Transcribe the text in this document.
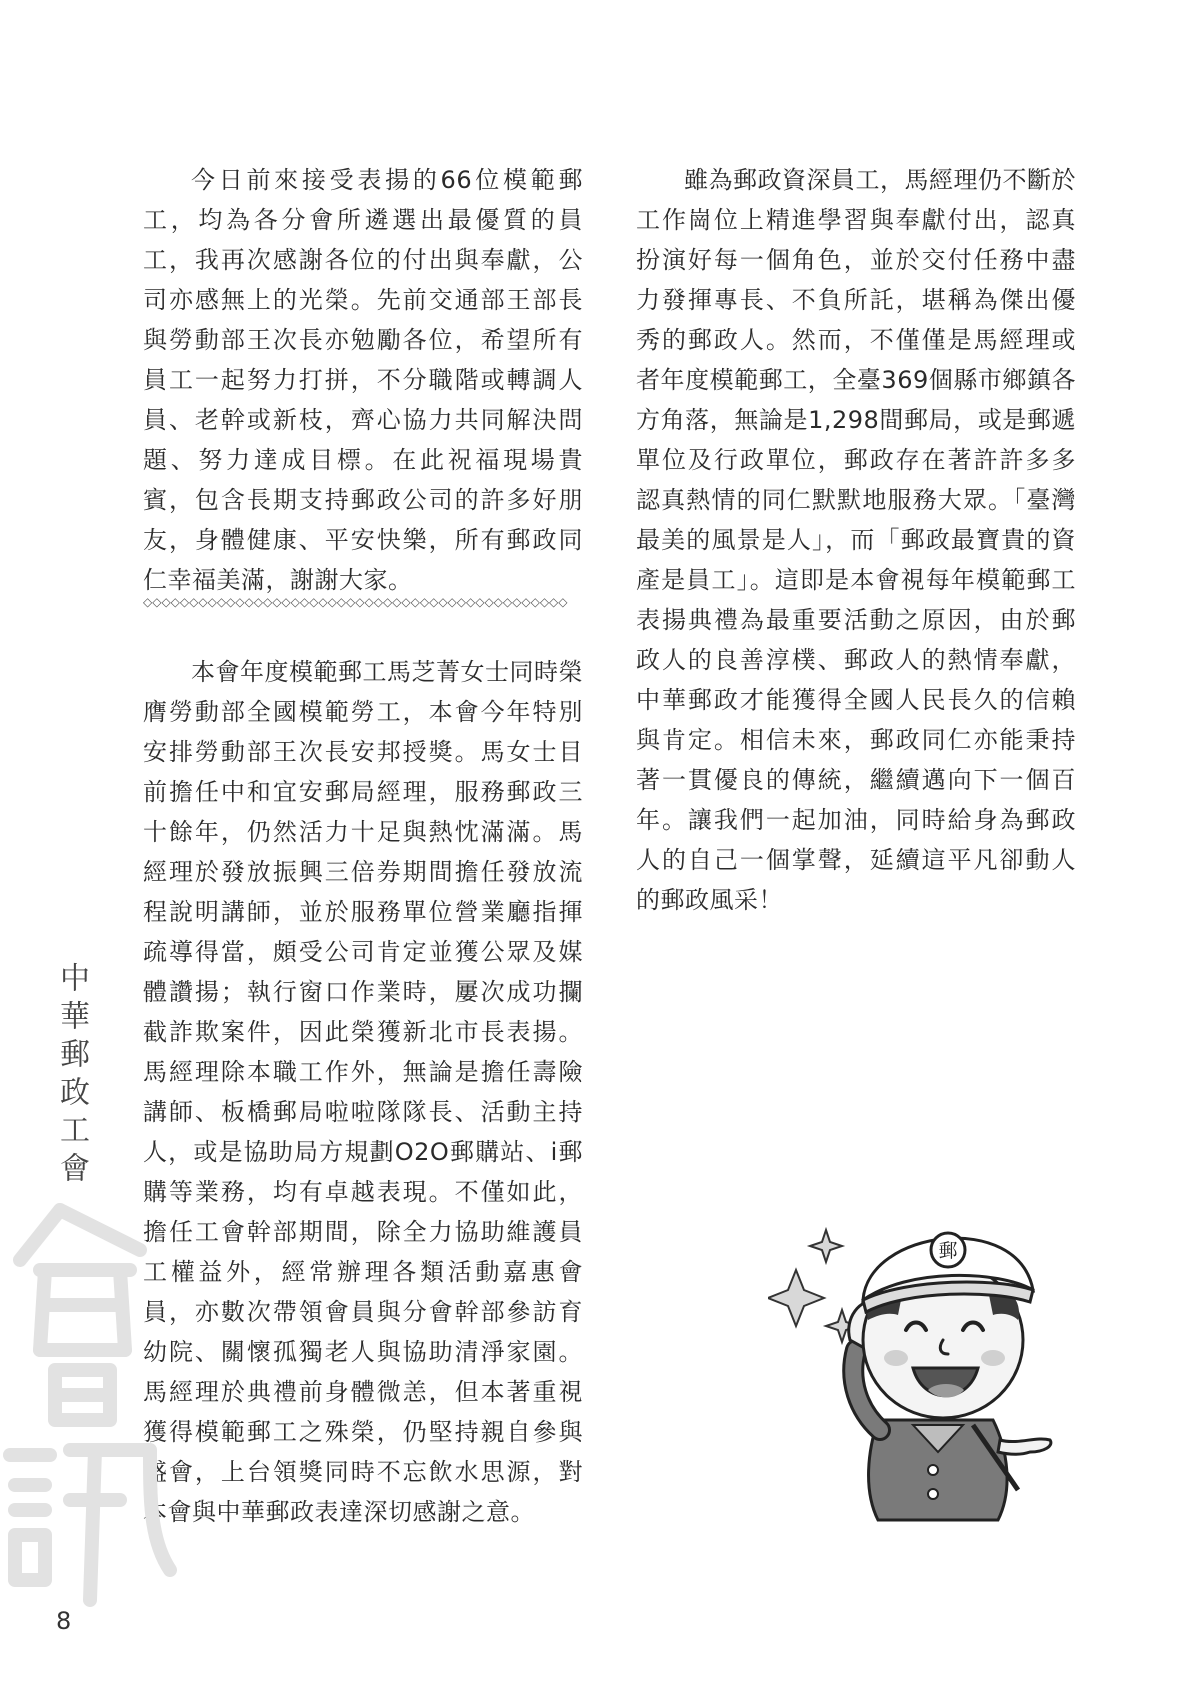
今日前來接受表揚的66位模範郵工，均為各分會所遴選出最優質的員工，我再次感謝各位的付出與奉獻，公司亦感無上的光榮。先前交通部王部長與勞動部王次長亦勉勵各位，希望所有員工一起努力打拼，不分職階或轉調人員、老幹或新枝，齊心協力共同解決問題、努力達成目標。在此祝福現場貴賓，包含長期支持郵政公司的許多好朋友，身體健康、平安快樂，所有郵政同仁幸福美滿，謝謝大家。

◇◇◇◇◇◇◇◇◇◇◇◇◇◇◇◇◇◇◇◇◇◇◇◇◇◇◇◇◇◇◇◇◇◇◇◇◇◇◇◇◇◇◇◇◇◇

本會年度模範郵工馬芝菁女士同時榮膺勞動部全國模範勞工，本會今年特別安排勞動部王次長安邦授獎。馬女士目前擔任中和宜安郵局經理，服務郵政三十餘年，仍然活力十足與熱忱滿滿。馬經理於發放振興三倍券期間擔任發放流程說明講師，並於服務單位營業廳指揮疏導得當，頗受公司肯定並獲公眾及媒體讚揚；執行窗口作業時，屢次成功攔截詐欺案件，因此榮獲新北市長表揚。馬經理除本職工作外，無論是擔任壽險講師、板橋郵局啦啦隊隊長、活動主持人，或是協助局方規劃O2O郵購站、i郵購等業務，均有卓越表現。不僅如此，擔任工會幹部期間，除全力協助維護員工權益外，經常辦理各類活動嘉惠會員，亦數次帶領會員與分會幹部參訪育幼院、關懷孤獨老人與協助清淨家園。馬經理於典禮前身體微恙，但本著重視獲得模範郵工之殊榮，仍堅持親自參與盛會，上台領獎同時不忘飲水思源，對本會與中華郵政表達深切感謝之意。

雖為郵政資深員工，馬經理仍不斷於工作崗位上精進學習與奉獻付出，認真扮演好每一個角色，並於交付任務中盡力發揮專長、不負所託，堪稱為傑出優秀的郵政人。然而，不僅僅是馬經理或者年度模範郵工，全臺369個縣市鄉鎮各方角落，無論是1,298間郵局，或是郵遞單位及行政單位，郵政存在著許許多多認真熱情的同仁默默地服務大眾。「臺灣最美的風景是人」，而「郵政最寶貴的資產是員工」。這即是本會視每年模範郵工表揚典禮為最重要活動之原因，由於郵政人的良善淳樸、郵政人的熱情奉獻，中華郵政才能獲得全國人民長久的信賴與肯定。相信未來，郵政同仁亦能秉持著一貫優良的傳統，繼續邁向下一個百年。讓我們一起加油，同時給身為郵政人的自己一個掌聲，延續這平凡卻動人的郵政風采！

中華郵政工會
8
郵
